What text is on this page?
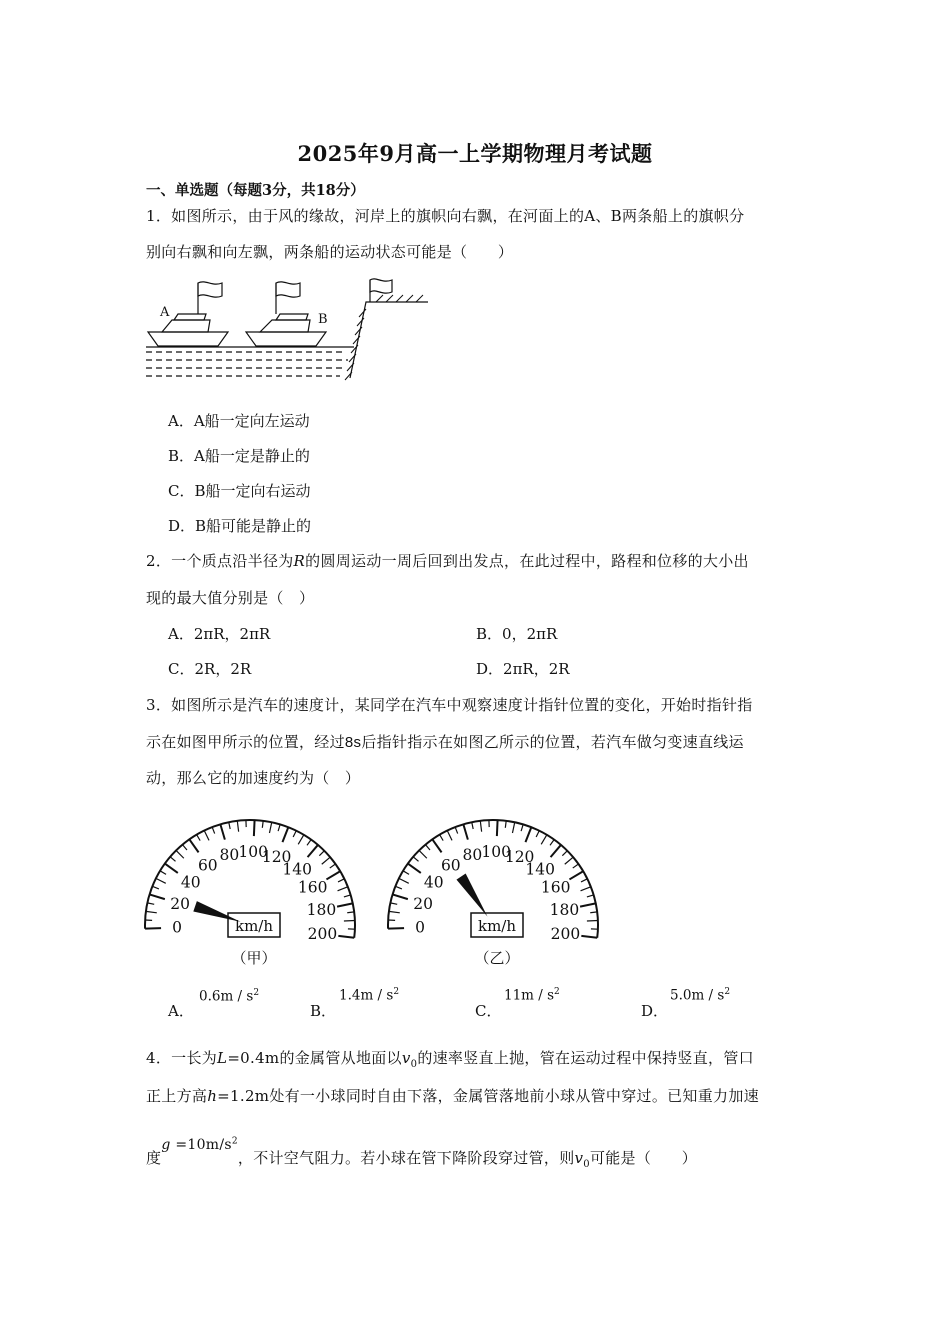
2025年9月高一上学期物理月考试题
一、单选题（每题3分，共18分）
1．如图所示，由于风的缘故，河岸上的旗帜向右飘，在河面上的A、B两条船上的旗帜分
别向右飘和向左飘，两条船的运动状态可能是（　　）
A	B
A．A船一定向左运动
B．A船一定是静止的
C．B船一定向右运动
D．B船可能是静止的
2．一个质点沿半径为R的圆周运动一周后回到出发点，在此过程中，路程和位移的大小出
现的最大值分别是（　）
A．2πR，2πR	B．0，2πR
C．2R，2R	D．2πR，2R
3．如图所示是汽车的速度计，某同学在汽车中观察速度计指针位置的变化，开始时指针指
示在如图甲所示的位置，经过8s后指针指示在如图乙所示的位置，若汽车做匀变速直线运
动，那么它的加速度约为（　）
0
20
40
60
80 100
120
140
160
180
200
km/h
（甲）
0
20
40
60
80 100
120
140
160
180
200
km/h
（乙）
A．
$0.6m / s^2$
B．
$1.4m / s^2$
C．
$11m / s^2$
D．
$5.0m / s^2$
4．一长为L=0.4m的金属管从地面以$v_0$的速率竖直上抛，管在运动过程中保持竖直，管口
正上方高h=1.2m处有一小球同时自由下落，金属管落地前小球从管中穿过。已知重力加速
度$g =10m/s^2$，不计空气阻力。若小球在管下降阶段穿过管，则$v_0$可能是（　　）
